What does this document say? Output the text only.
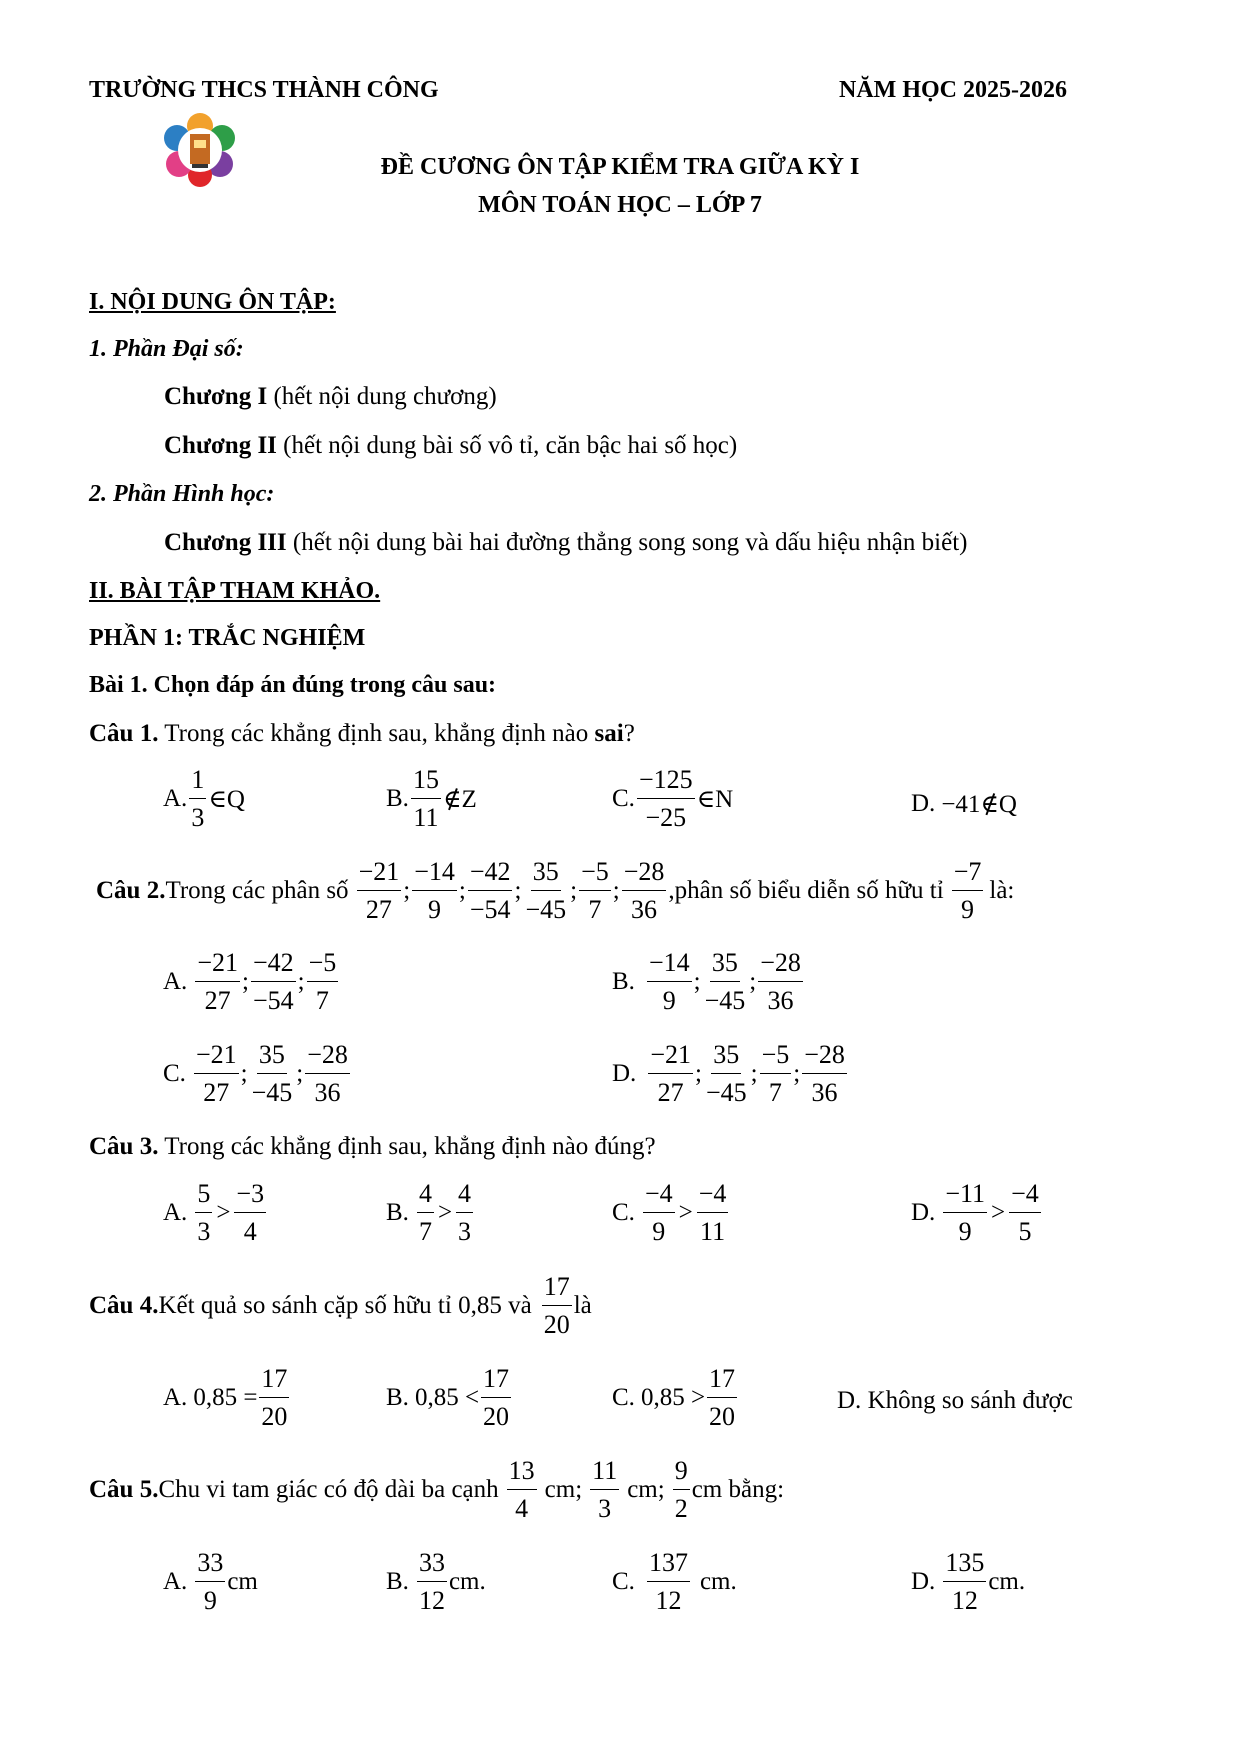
TRƯỜNG THCS THÀNH CÔNG	NĂM HỌC 2025-2026
ĐỀ CƯƠNG ÔN TẬP KIỂM TRA GIỮA KỲ I
MÔN TOÁN HỌC – LỚP 7
I. NỘI DUNG ÔN TẬP:
1. Phần Đại số:
Chương I (hết nội dung chương)
Chương II (hết nội dung bài số vô tỉ, căn bậc hai số học)
2. Phần Hình học:
Chương III (hết nội dung bài hai đường thẳng song song và dấu hiệu nhận biết)
II. BÀI TẬP THAM KHẢO.
PHẦN 1: TRẮC NGHIỆM
Bài 1. Chọn đáp án đúng trong câu sau:
Câu 1. Trong các khẳng định sau, khẳng định nào sai?
A. $\frac{1}{3}$ ∈Q	B. $\frac{15}{11}$ ∉Z	C. $\frac{-125}{-25}$ ∈N	D. −41∉Q
Câu 2. Trong các phân số $\frac{-21}{27}$ ; $\frac{-14}{9}$ ; $\frac{-42}{-54}$ ; $\frac{35}{-45}$ ; $\frac{-5}{7}$ ; $\frac{-28}{36}$ ,phân số biểu diễn số hữu tỉ $\frac{-7}{9}$ là:
A. $\frac{-21}{27}$ ; $\frac{-42}{-54}$ ; $\frac{-5}{7}$	B. $\frac{-14}{9}$ ; $\frac{35}{-45}$ ; $\frac{-28}{36}$
C. $\frac{-21}{27}$ ; $\frac{35}{-45}$ ; $\frac{-28}{36}$	D. $\frac{-21}{27}$ ; $\frac{35}{-45}$ ; $\frac{-5}{7}$ ; $\frac{-28}{36}$
Câu 3. Trong các khẳng định sau, khẳng định nào đúng?
A. $\frac{5}{3} > \frac{-3}{4}$	B. $\frac{4}{7} > \frac{4}{3}$	C. $\frac{-4}{9} > \frac{-4}{11}$	D. $\frac{-11}{9} > \frac{-4}{5}$
Câu 4. Kết quả so sánh cặp số hữu tỉ 0,85 và $\frac{17}{20}$ là
A. $0,85 = \frac{17}{20}$	B. $0,85 < \frac{17}{20}$	C. $0,85 > \frac{17}{20}$	D. Không so sánh được
Câu 5. Chu vi tam giác có độ dài ba cạnh $\frac{13}{4}$ cm; $\frac{11}{3}$ cm; $\frac{9}{2}$ cm bằng:
A. $\frac{33}{9}$ cm	B. $\frac{33}{12}$ cm.	C. $\frac{137}{12}$ cm.	D. $\frac{135}{12}$ cm.
